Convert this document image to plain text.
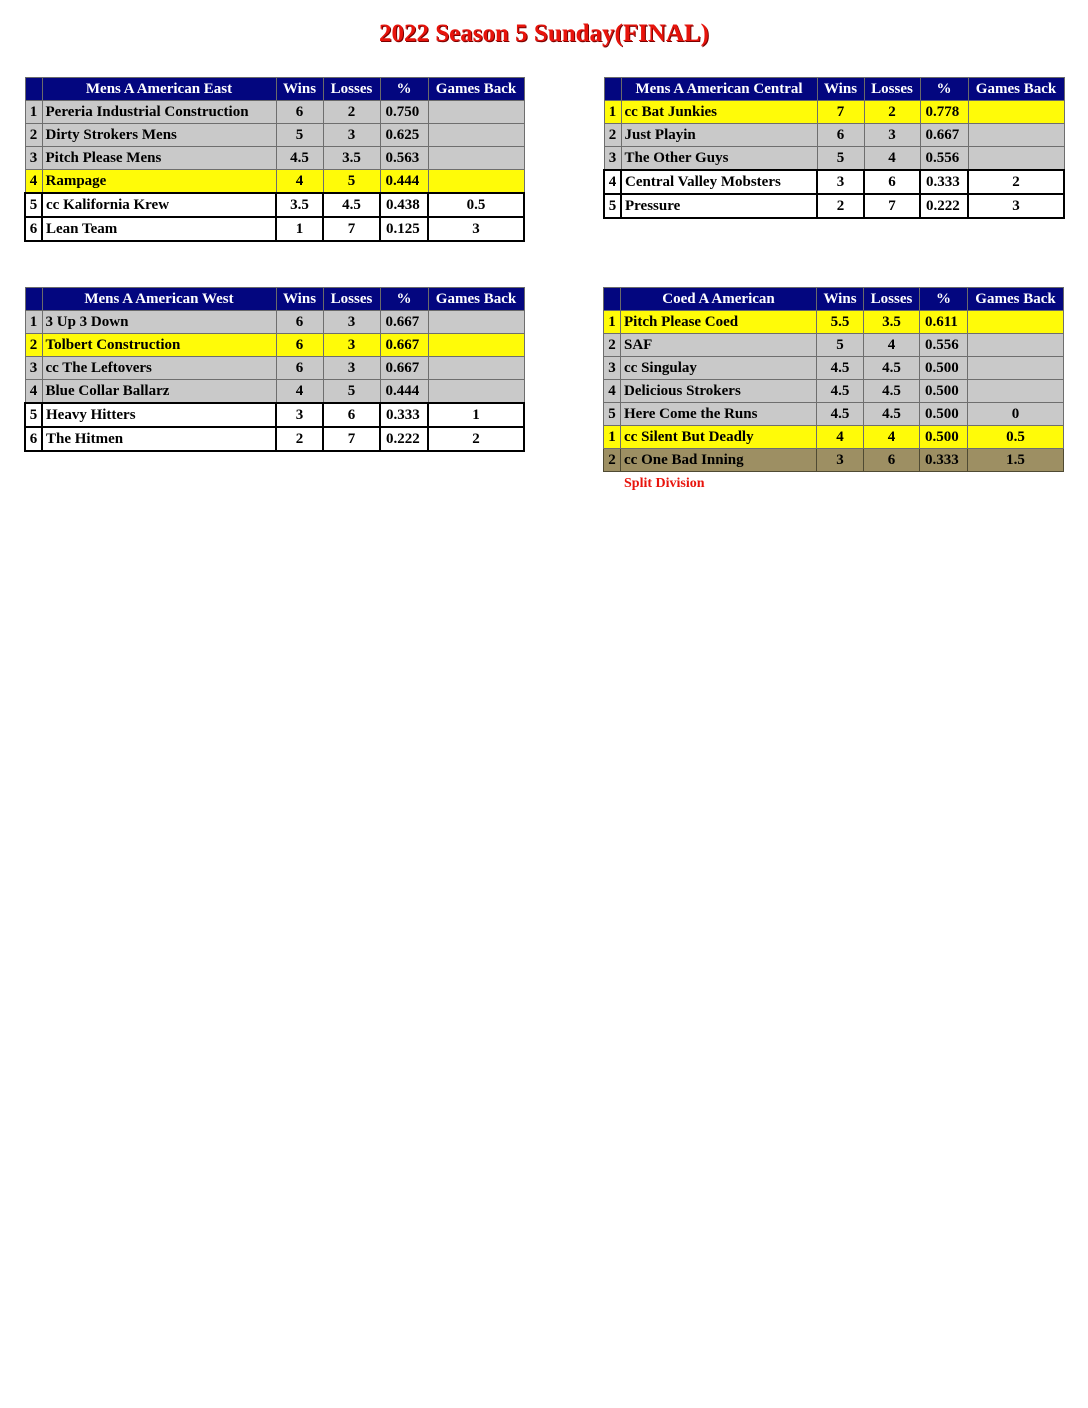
2022 Season 5 Sunday(FINAL)
	Mens A American East	Wins	Losses	%	Games Back
1	Pereria Industrial Construction	6	2	0.750	
2	Dirty Strokers Mens	5	3	0.625	
3	Pitch Please Mens	4.5	3.5	0.563	
4	Rampage	4	5	0.444	
5	cc Kalifornia Krew	3.5	4.5	0.438	0.5
6	Lean Team	1	7	0.125	3
	Mens A American Central	Wins	Losses	%	Games Back
1	cc Bat Junkies	7	2	0.778	
2	Just Playin	6	3	0.667	
3	The Other Guys	5	4	0.556	
4	Central Valley Mobsters	3	6	0.333	2
5	Pressure	2	7	0.222	3
	Mens A American West	Wins	Losses	%	Games Back
1	3 Up 3 Down	6	3	0.667	
2	Tolbert Construction	6	3	0.667	
3	cc The Leftovers	6	3	0.667	
4	Blue Collar Ballarz	4	5	0.444	
5	Heavy Hitters	3	6	0.333	1
6	The Hitmen	2	7	0.222	2
	Coed A American	Wins	Losses	%	Games Back
1	Pitch Please Coed	5.5	3.5	0.611	
2	SAF	5	4	0.556	
3	cc Singulay	4.5	4.5	0.500	
4	Delicious Strokers	4.5	4.5	0.500	
5	Here Come the Runs	4.5	4.5	0.500	0
1	cc Silent But Deadly	4	4	0.500	0.5
2	cc One Bad Inning	3	6	0.333	1.5
Split Division
